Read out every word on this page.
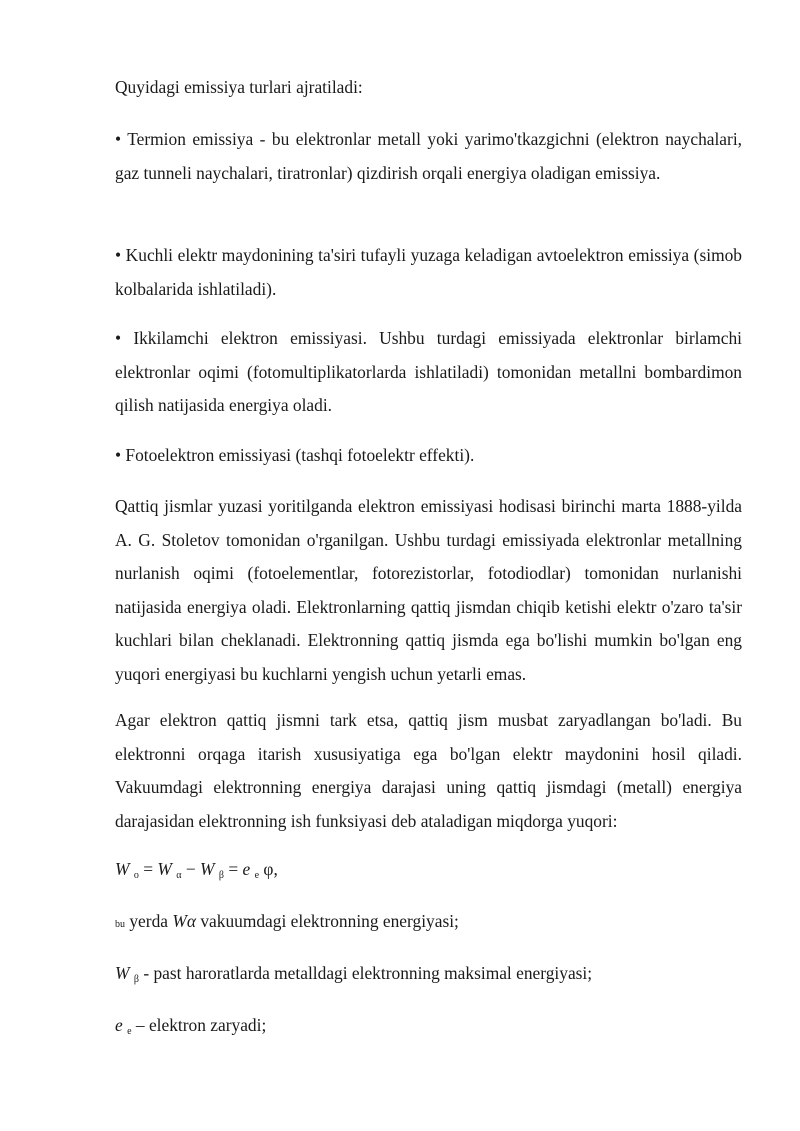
Quyidagi emissiya turlari ajratiladi:

• Termion emissiya - bu elektronlar metall yoki yarimo'tkazgichni (elektron naychalari, gaz tunneli naychalari, tiratronlar) qizdirish orqali energiya oladigan emissiya.

• Kuchli elektr maydonining ta'siri tufayli yuzaga keladigan avtoelektron emissiya (simob kolbalarida ishlatiladi).

• Ikkilamchi elektron emissiyasi. Ushbu turdagi emissiyada elektronlar birlamchi elektronlar oqimi (fotomultiplikatorlarda ishlatiladi) tomonidan metallni bombardimon qilish natijasida energiya oladi.

• Fotoelektron emissiyasi (tashqi fotoelektr effekti).

Qattiq jismlar yuzasi yoritilganda elektron emissiyasi hodisasi birinchi marta 1888-yilda A. G. Stoletov tomonidan o'rganilgan. Ushbu turdagi emissiyada elektronlar metallning nurlanish oqimi (fotoelementlar, fotorezistorlar, fotodiodlar) tomonidan nurlanishi natijasida energiya oladi. Elektronlarning qattiq jismdan chiqib ketishi elektr o'zaro ta'sir kuchlari bilan cheklanadi. Elektronning qattiq jismda ega bo'lishi mumkin bo'lgan eng yuqori energiyasi bu kuchlarni yengish uchun yetarli emas.

Agar elektron qattiq jismni tark etsa, qattiq jism musbat zaryadlangan bo'ladi. Bu elektronni orqaga itarish xususiyatiga ega bo'lgan elektr maydonini hosil qiladi. Vakuumdagi elektronning energiya darajasi uning qattiq jismdagi (metall) energiya darajasidan elektronning ish funksiyasi deb ataladigan miqdorga yuqori:

W $_o$ = W $_\alpha$ − W $_\beta$ = e $_e$ φ,

bu yerda Wα vakuumdagi elektronning energiyasi;

W $_\beta$ - past haroratlarda metalldagi elektronning maksimal energiyasi;

e $_e$ – elektron zaryadi;
